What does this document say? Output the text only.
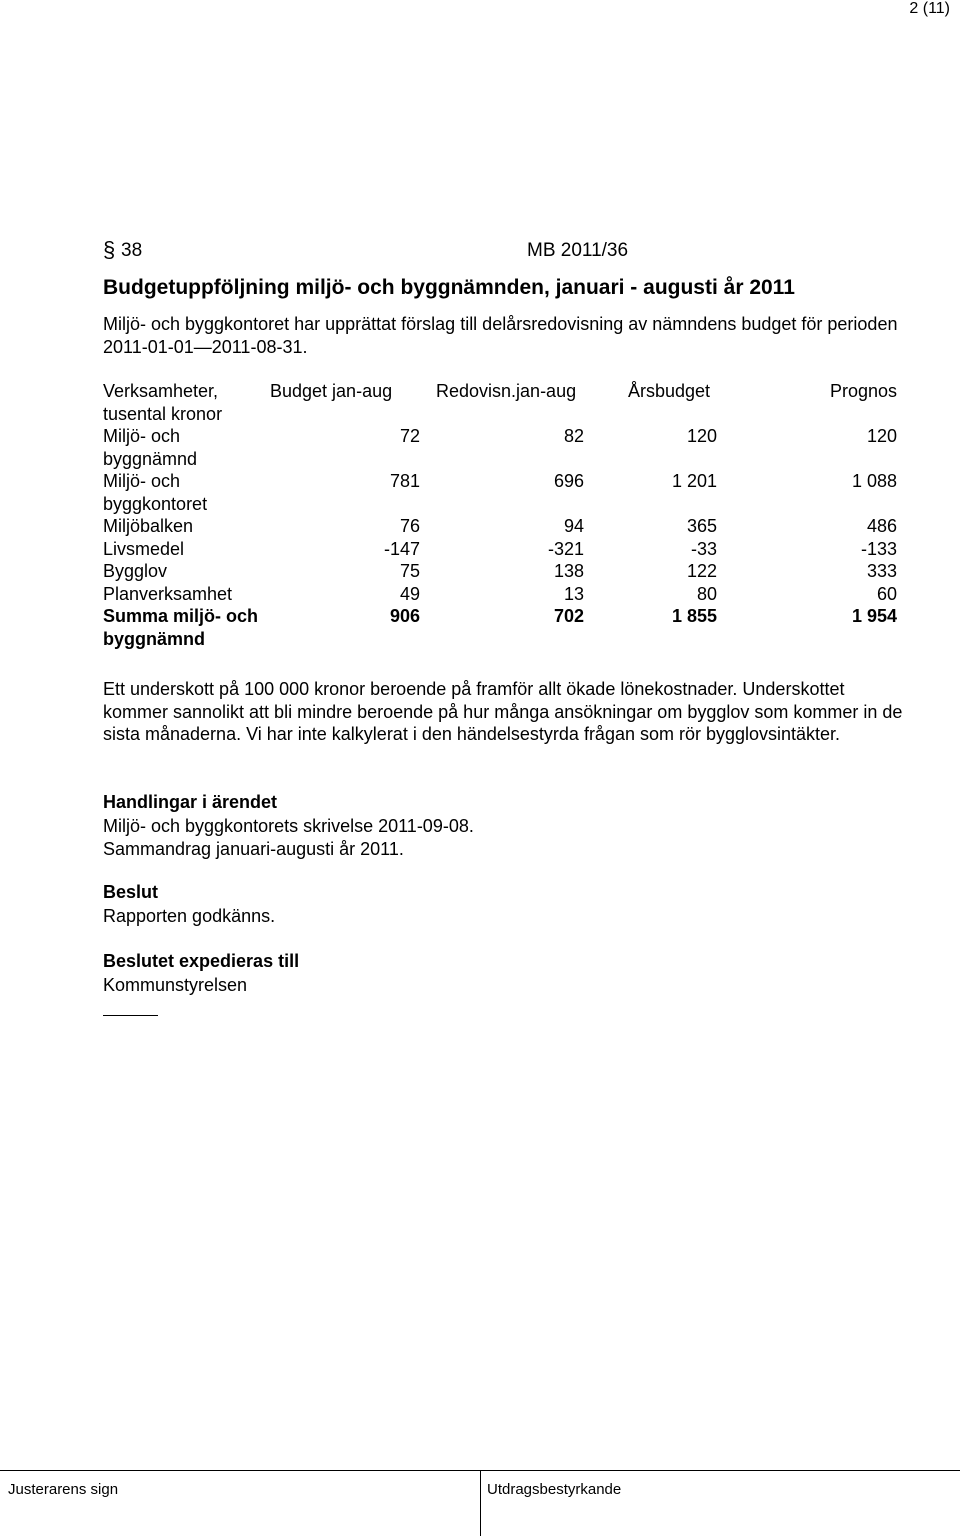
2 (11)
HAGFORS KOMMUN
MILJÖ- OCH BYGGNÄMNDEN
Protokoll
2011-09-28
§ 38	MB 2011/36
Budgetuppföljning miljö- och byggnämnden, januari - augusti år 2011
Miljö- och byggkontoret har upprättat förslag till delårsredovisning av nämndens budget för perioden 2011-01-01—2011-08-31.
Verksamheter, tusental kronor	Budget jan-aug	Redovisn.jan-aug	Årsbudget	Prognos
Miljö- och byggnämnd	72	82	120	120
Miljö- och byggkontoret	781	696	1 201	1 088
Miljöbalken	76	94	365	486
Livsmedel	-147	-321	-33	-133
Bygglov	75	138	122	333
Planverksamhet	49	13	80	60
Summa miljö- och byggnämnd	906	702	1 855	1 954
Ett underskott på 100 000 kronor beroende på framför allt ökade lönekostnader. Underskottet kommer sannolikt att bli mindre beroende på hur många ansökningar om bygglov som kommer in de sista månaderna. Vi har inte kalkylerat i den händelsestyrda frågan som rör bygglovsintäkter.
Handlingar i ärendet
Miljö- och byggkontorets skrivelse 2011-09-08.
Sammandrag januari-augusti år 2011.
Beslut
Rapporten godkänns.
Beslutet expedieras till
Kommunstyrelsen
Justerarens sign	Utdragsbestyrkande
